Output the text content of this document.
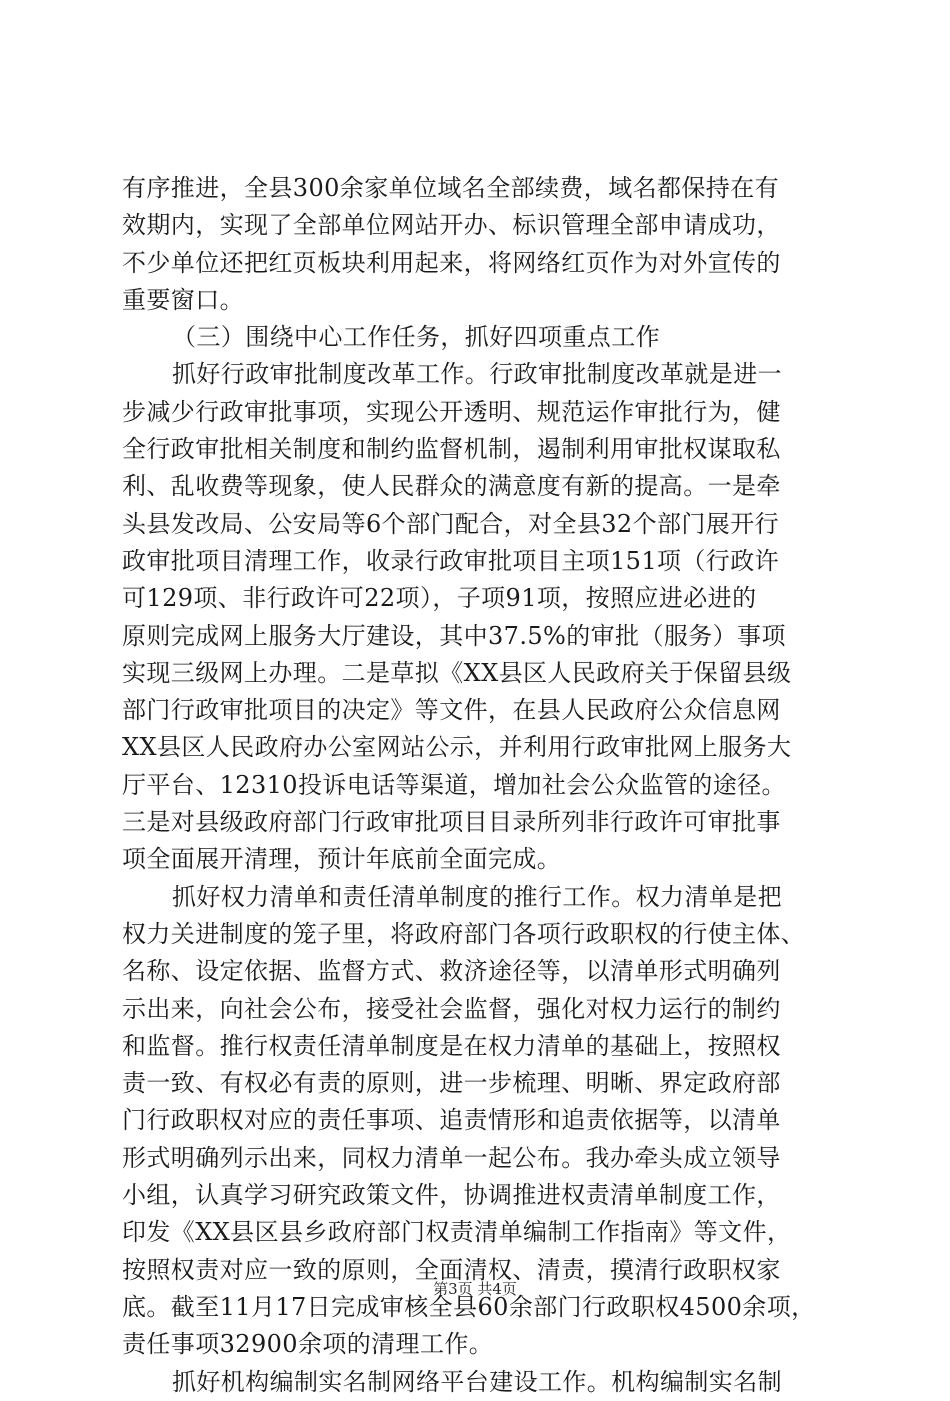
有序推进，全县300余家单位域名全部续费，域名都保持在有
效期内，实现了全部单位网站开办、标识管理全部申请成功，
不少单位还把红页板块利用起来，将网络红页作为对外宣传的
重要窗口。
（三）围绕中心工作任务，抓好四项重点工作
抓好行政审批制度改革工作。行政审批制度改革就是进一
步减少行政审批事项，实现公开透明、规范运作审批行为，健
全行政审批相关制度和制约监督机制，遏制利用审批权谋取私
利、乱收费等现象，使人民群众的满意度有新的提高。一是牵
头县发改局、公安局等6个部门配合，对全县32个部门展开行
政审批项目清理工作，收录行政审批项目主项151项（行政许
可129项、非行政许可22项），子项91项，按照应进必进的
原则完成网上服务大厅建设，其中37.5%的审批（服务）事项
实现三级网上办理。二是草拟《XX县区人民政府关于保留县级
部门行政审批项目的决定》等文件，在县人民政府公众信息网
XX县区人民政府办公室网站公示，并利用行政审批网上服务大
厅平台、12310投诉电话等渠道，增加社会公众监管的途径。
三是对县级政府部门行政审批项目目录所列非行政许可审批事
项全面展开清理，预计年底前全面完成。
抓好权力清单和责任清单制度的推行工作。权力清单是把
权力关进制度的笼子里，将政府部门各项行政职权的行使主体、
名称、设定依据、监督方式、救济途径等，以清单形式明确列
示出来，向社会公布，接受社会监督，强化对权力运行的制约
和监督。推行权责任清单制度是在权力清单的基础上，按照权
责一致、有权必有责的原则，进一步梳理、明晰、界定政府部
门行政职权对应的责任事项、追责情形和追责依据等，以清单
形式明确列示出来，同权力清单一起公布。我办牵头成立领导
小组，认真学习研究政策文件，协调推进权责清单制度工作，
印发《XX县区县乡政府部门权责清单编制工作指南》等文件，
按照权责对应一致的原则，全面清权、清责，摸清行政职权家
底。截至11月17日完成审核全县60余部门行政职权4500余项，
责任事项32900余项的清理工作。
抓好机构编制实名制网络平台建设工作。机构编制实名制
第3页 共4页
